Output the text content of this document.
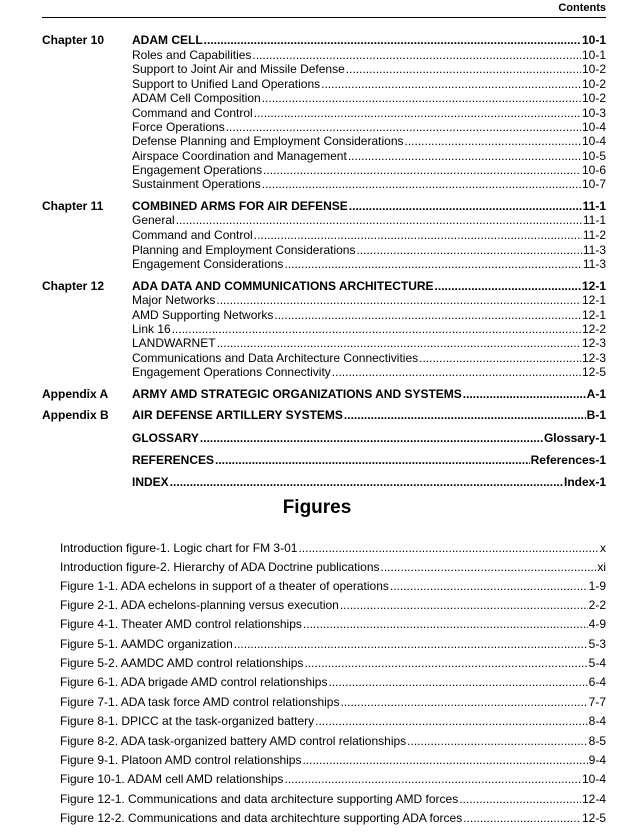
Contents
Chapter 10 ADAM CELL .....	10-1
Roles and Capabilities .....	10-1
Support to Joint Air and Missile Defense .....	10-2
Support to Unified Land Operations .....	10-2
ADAM Cell Composition .....	10-2
Command and Control .....	10-3
Force Operations .....	10-4
Defense Planning and Employment Considerations .....	10-4
Airspace Coordination and Management .....	10-5
Engagement Operations .....	10-6
Sustainment Operations .....	10-7
Chapter 11 COMBINED ARMS FOR AIR DEFENSE .....	11-1
General .....	11-1
Command and Control .....	11-2
Planning and Employment Considerations .....	11-3
Engagement Considerations .....	11-3
Chapter 12 ADA DATA AND COMMUNICATIONS ARCHITECTURE .....	12-1
Major Networks .....	12-1
AMD Supporting Networks .....	12-1
Link 16 .....	12-2
LANDWARNET .....	12-3
Communications and Data Architecture Connectivities .....	12-3
Engagement Operations Connectivity .....	12-5
Appendix A ARMY AMD STRATEGIC ORGANIZATIONS AND SYSTEMS .....	A-1
Appendix B AIR DEFENSE ARTILLERY SYSTEMS .....	B-1
GLOSSARY .....	Glossary-1
REFERENCES .....	References-1
INDEX .....	Index-1
Figures
Introduction figure-1. Logic chart for FM 3-01 .....	x
Introduction figure-2. Hierarchy of ADA Doctrine publications .....	xi
Figure 1-1. ADA echelons in support of a theater of operations .....	1-9
Figure 2-1. ADA echelons-planning versus execution .....	2-2
Figure 4-1. Theater AMD control relationships .....	4-9
Figure 5-1. AAMDC organization .....	5-3
Figure 5-2. AAMDC AMD control relationships .....	5-4
Figure 6-1. ADA brigade AMD control relationships .....	6-4
Figure 7-1. ADA task force AMD control relationships .....	7-7
Figure 8-1. DPICC at the task-organized battery .....	8-4
Figure 8-2. ADA task-organized battery AMD control relationships .....	8-5
Figure 9-1. Platoon AMD control relationships .....	9-4
Figure 10-1. ADAM cell AMD relationships .....	10-4
Figure 12-1. Communications and data architecture supporting AMD forces .....	12-4
Figure 12-2. Communications and data architechture supporting ADA forces .....	12-5
